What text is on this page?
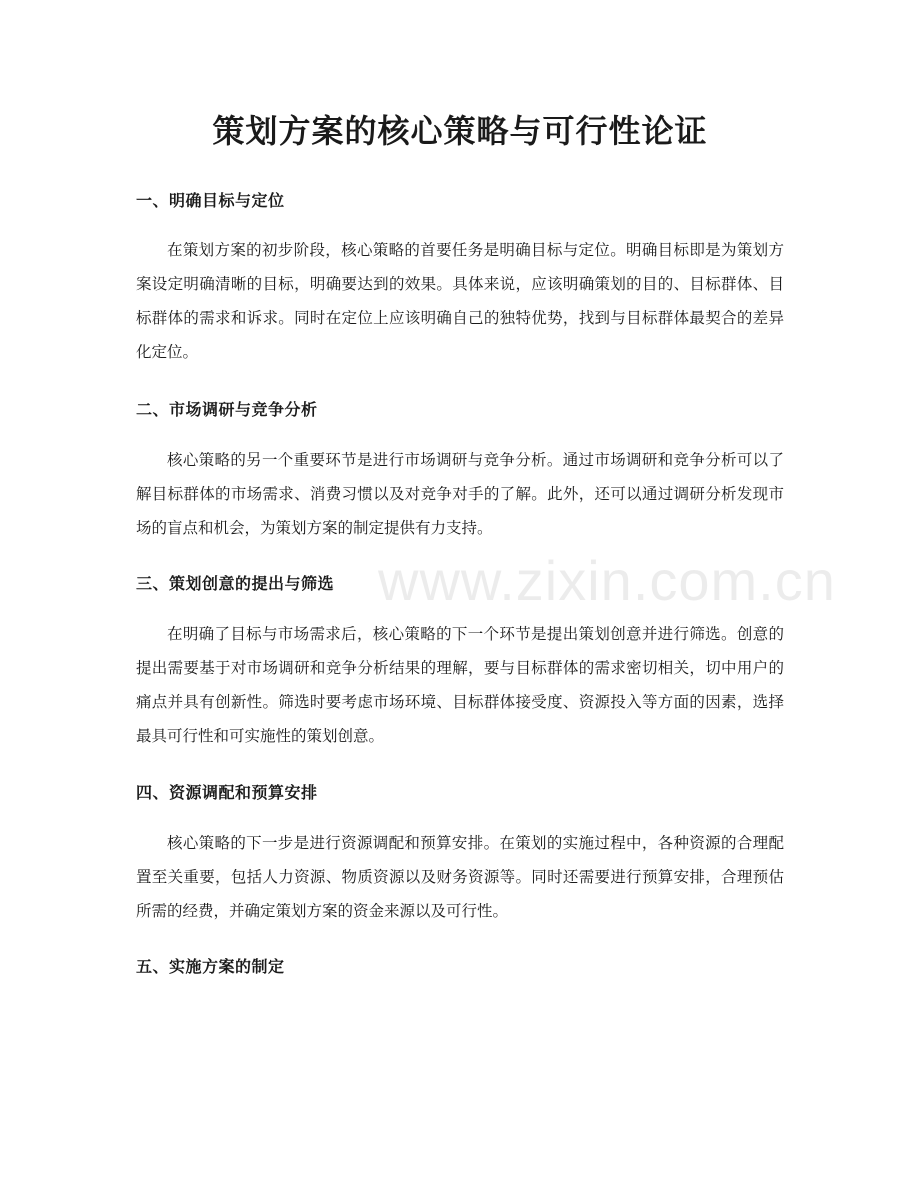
策划方案的核心策略与可行性论证
一、明确目标与定位

在策划方案的初步阶段，核心策略的首要任务是明确目标与定位。明确目标即是为策划方案设定明确清晰的目标，明确要达到的效果。具体来说，应该明确策划的目的、目标群体、目标群体的需求和诉求。同时在定位上应该明确自己的独特优势，找到与目标群体最契合的差异化定位。

二、市场调研与竞争分析

核心策略的另一个重要环节是进行市场调研与竞争分析。通过市场调研和竞争分析可以了解目标群体的市场需求、消费习惯以及对竞争对手的了解。此外，还可以通过调研分析发现市场的盲点和机会，为策划方案的制定提供有力支持。

三、策划创意的提出与筛选

在明确了目标与市场需求后，核心策略的下一个环节是提出策划创意并进行筛选。创意的提出需要基于对市场调研和竞争分析结果的理解，要与目标群体的需求密切相关，切中用户的痛点并具有创新性。筛选时要考虑市场环境、目标群体接受度、资源投入等方面的因素，选择最具可行性和可实施性的策划创意。

四、资源调配和预算安排

核心策略的下一步是进行资源调配和预算安排。在策划的实施过程中，各种资源的合理配置至关重要，包括人力资源、物质资源以及财务资源等。同时还需要进行预算安排，合理预估所需的经费，并确定策划方案的资金来源以及可行性。

五、实施方案的制定
www.zixin.com.cn
